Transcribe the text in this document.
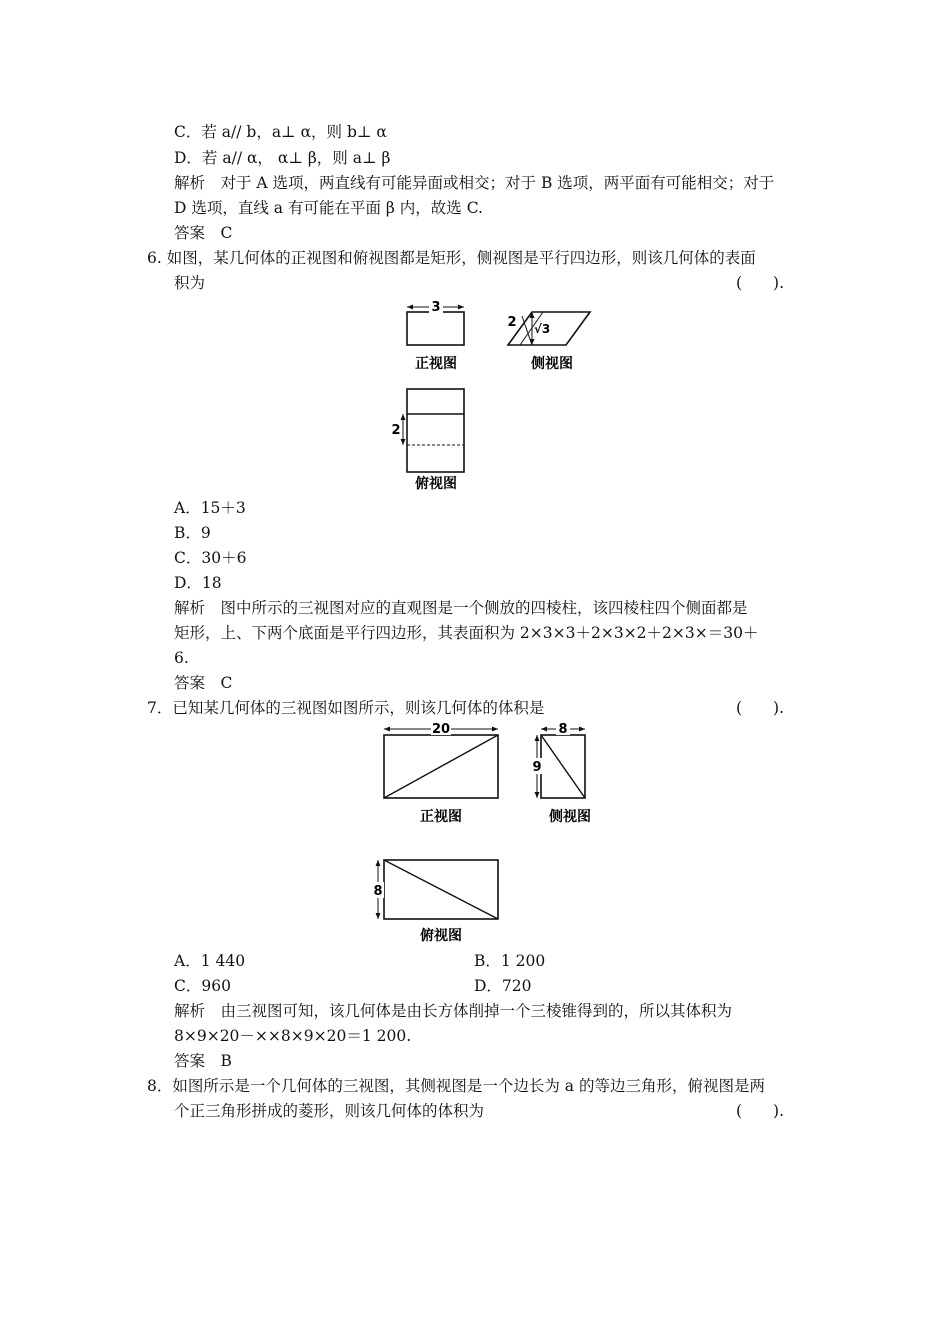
C．若 a// b，a⊥ α，则 b⊥ α
D．若 a// α， α⊥ β，则 a⊥ β
解析　对于 A 选项，两直线有可能异面或相交；对于 B 选项，两平面有可能相交；对于
D 选项，直线 a 有可能在平面 β 内，故选 C.
答案　C
6. 如图，某几何体的正视图和俯视图都是矩形，侧视图是平行四边形，则该几何体的表面
积为	(　　).
3
正视图
2 √3
侧视图
2
俯视图
A．15＋3
B．9
C．30＋6
D．18
解析　图中所示的三视图对应的直观图是一个侧放的四棱柱，该四棱柱四个侧面都是
矩形，上、下两个底面是平行四边形，其表面积为 2×3×3＋2×3×2＋2×3×＝30＋
6.
答案　C
7．已知某几何体的三视图如图所示，则该几何体的体积是	(　　).
20
正视图
8
9
侧视图
8
俯视图
A．1 440	B．1 200
C．960	D．720
解析　由三视图可知，该几何体是由长方体削掉一个三棱锥得到的，所以其体积为
8×9×20－××8×9×20＝1 200.
答案　B
8．如图所示是一个几何体的三视图，其侧视图是一个边长为 a 的等边三角形，俯视图是两
个正三角形拼成的菱形，则该几何体的体积为	(　　).
